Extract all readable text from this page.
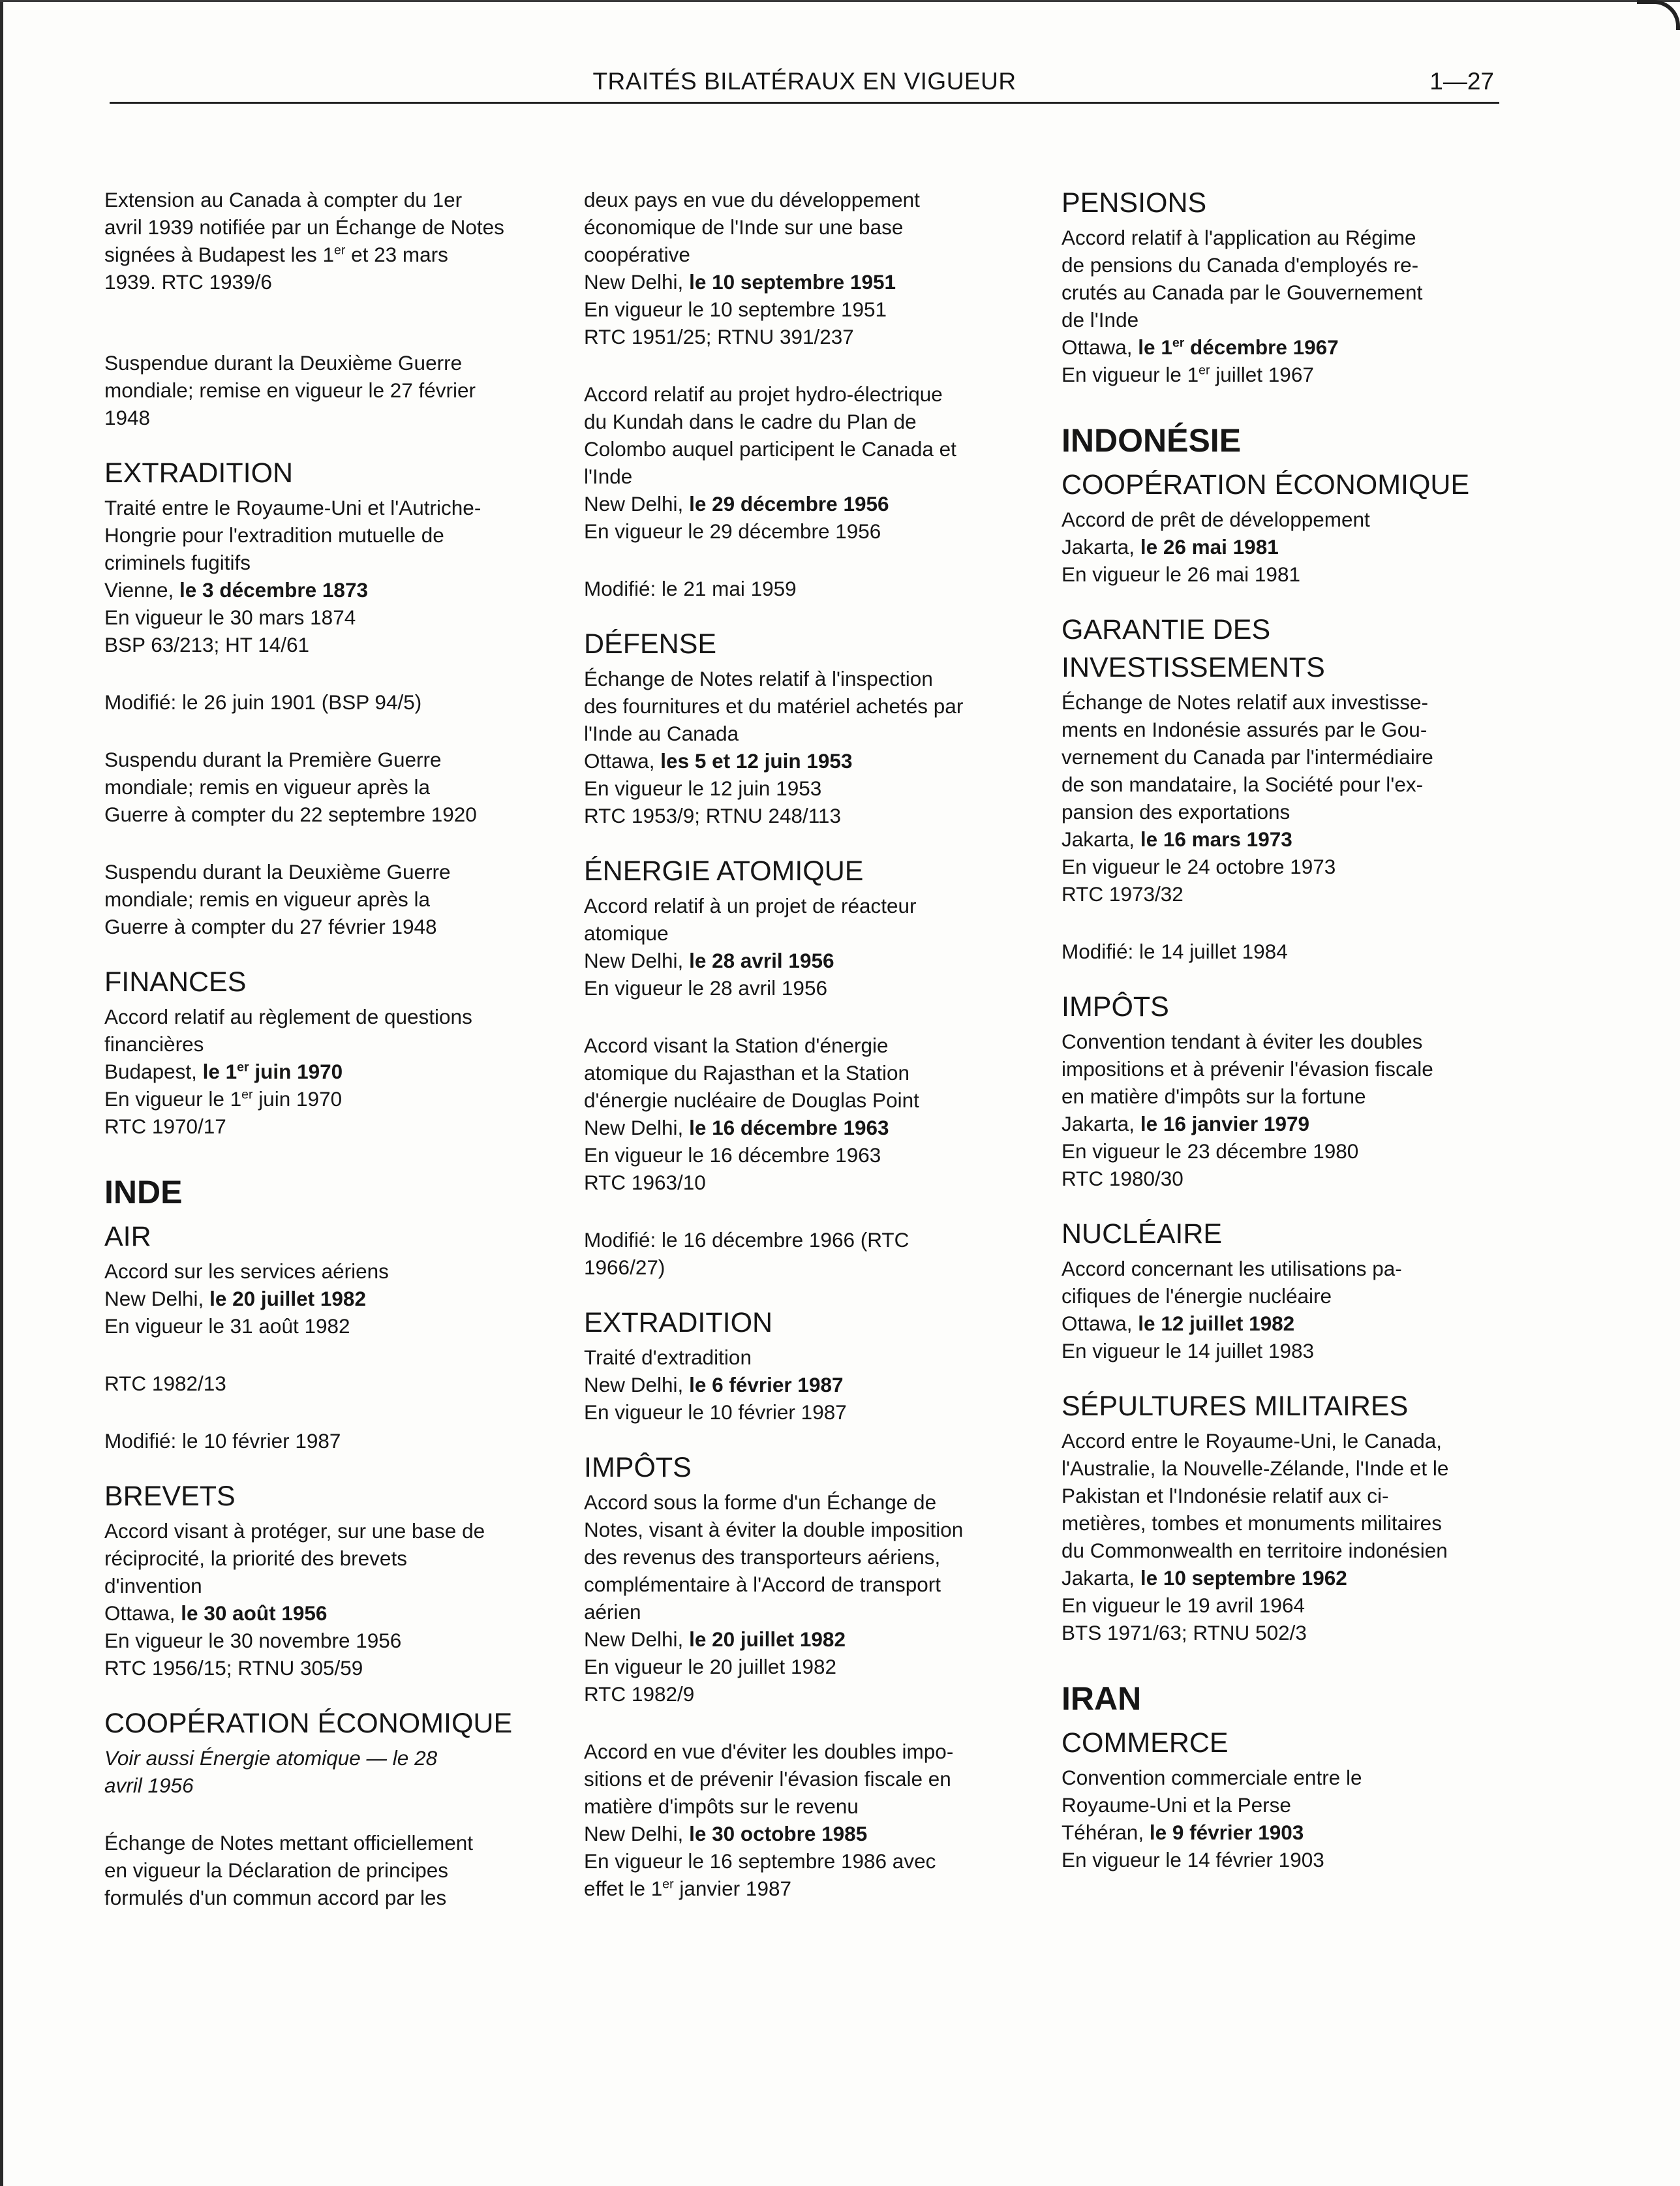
TRAITÉS BILATÉRAUX EN VIGUEUR	1—27
Extension au Canada à compter du 1er
avril 1939 notifiée par un Échange de Notes
signées à Budapest les 1er et 23 mars
1939. RTC 1939/6
Suspendue durant la Deuxième Guerre
mondiale; remise en vigueur le 27 février
1948
EXTRADITION
Traité entre le Royaume-Uni et l'Autriche-
Hongrie pour l'extradition mutuelle de
criminels fugitifs
Vienne, le 3 décembre 1873
En vigueur le 30 mars 1874
BSP 63/213; HT 14/61
Modifié: le 26 juin 1901 (BSP 94/5)
Suspendu durant la Première Guerre
mondiale; remis en vigueur après la
Guerre à compter du 22 septembre 1920
Suspendu durant la Deuxième Guerre
mondiale; remis en vigueur après la
Guerre à compter du 27 février 1948
FINANCES
Accord relatif au règlement de questions
financières
Budapest, le 1er juin 1970
En vigueur le 1er juin 1970
RTC 1970/17
INDE
AIR
Accord sur les services aériens
New Delhi, le 20 juillet 1982
En vigueur le 31 août 1982
RTC 1982/13
Modifié: le 10 février 1987
BREVETS
Accord visant à protéger, sur une base de
réciprocité, la priorité des brevets
d'invention
Ottawa, le 30 août 1956
En vigueur le 30 novembre 1956
RTC 1956/15; RTNU 305/59
COOPÉRATION ÉCONOMIQUE
Voir aussi Énergie atomique — le 28
avril 1956
Échange de Notes mettant officiellement
en vigueur la Déclaration de principes
formulés d'un commun accord par les
deux pays en vue du développement
économique de l'Inde sur une base
coopérative
New Delhi, le 10 septembre 1951
En vigueur le 10 septembre 1951
RTC 1951/25; RTNU 391/237
Accord relatif au projet hydro-électrique
du Kundah dans le cadre du Plan de
Colombo auquel participent le Canada et
l'Inde
New Delhi, le 29 décembre 1956
En vigueur le 29 décembre 1956
Modifié: le 21 mai 1959
DÉFENSE
Échange de Notes relatif à l'inspection
des fournitures et du matériel achetés par
l'Inde au Canada
Ottawa, les 5 et 12 juin 1953
En vigueur le 12 juin 1953
RTC 1953/9; RTNU 248/113
ÉNERGIE ATOMIQUE
Accord relatif à un projet de réacteur
atomique
New Delhi, le 28 avril 1956
En vigueur le 28 avril 1956
Accord visant la Station d'énergie
atomique du Rajasthan et la Station
d'énergie nucléaire de Douglas Point
New Delhi, le 16 décembre 1963
En vigueur le 16 décembre 1963
RTC 1963/10
Modifié: le 16 décembre 1966 (RTC
1966/27)
EXTRADITION
Traité d'extradition
New Delhi, le 6 février 1987
En vigueur le 10 février 1987
IMPÔTS
Accord sous la forme d'un Échange de
Notes, visant à éviter la double imposition
des revenus des transporteurs aériens,
complémentaire à l'Accord de transport
aérien
New Delhi, le 20 juillet 1982
En vigueur le 20 juillet 1982
RTC 1982/9
Accord en vue d'éviter les doubles impo-
sitions et de prévenir l'évasion fiscale en
matière d'impôts sur le revenu
New Delhi, le 30 octobre 1985
En vigueur le 16 septembre 1986 avec
effet le 1er janvier 1987
PENSIONS
Accord relatif à l'application au Régime
de pensions du Canada d'employés re-
crutés au Canada par le Gouvernement
de l'Inde
Ottawa, le 1er décembre 1967
En vigueur le 1er juillet 1967
INDONÉSIE
COOPÉRATION ÉCONOMIQUE
Accord de prêt de développement
Jakarta, le 26 mai 1981
En vigueur le 26 mai 1981
GARANTIE DES
INVESTISSEMENTS
Échange de Notes relatif aux investisse-
ments en Indonésie assurés par le Gou-
vernement du Canada par l'intermédiaire
de son mandataire, la Société pour l'ex-
pansion des exportations
Jakarta, le 16 mars 1973
En vigueur le 24 octobre 1973
RTC 1973/32
Modifié: le 14 juillet 1984
IMPÔTS
Convention tendant à éviter les doubles
impositions et à prévenir l'évasion fiscale
en matière d'impôts sur la fortune
Jakarta, le 16 janvier 1979
En vigueur le 23 décembre 1980
RTC 1980/30
NUCLÉAIRE
Accord concernant les utilisations pa-
cifiques de l'énergie nucléaire
Ottawa, le 12 juillet 1982
En vigueur le 14 juillet 1983
SÉPULTURES MILITAIRES
Accord entre le Royaume-Uni, le Canada,
l'Australie, la Nouvelle-Zélande, l'Inde et le
Pakistan et l'Indonésie relatif aux ci-
metières, tombes et monuments militaires
du Commonwealth en territoire indonésien
Jakarta, le 10 septembre 1962
En vigueur le 19 avril 1964
BTS 1971/63; RTNU 502/3
IRAN
COMMERCE
Convention commerciale entre le
Royaume-Uni et la Perse
Téhéran, le 9 février 1903
En vigueur le 14 février 1903
